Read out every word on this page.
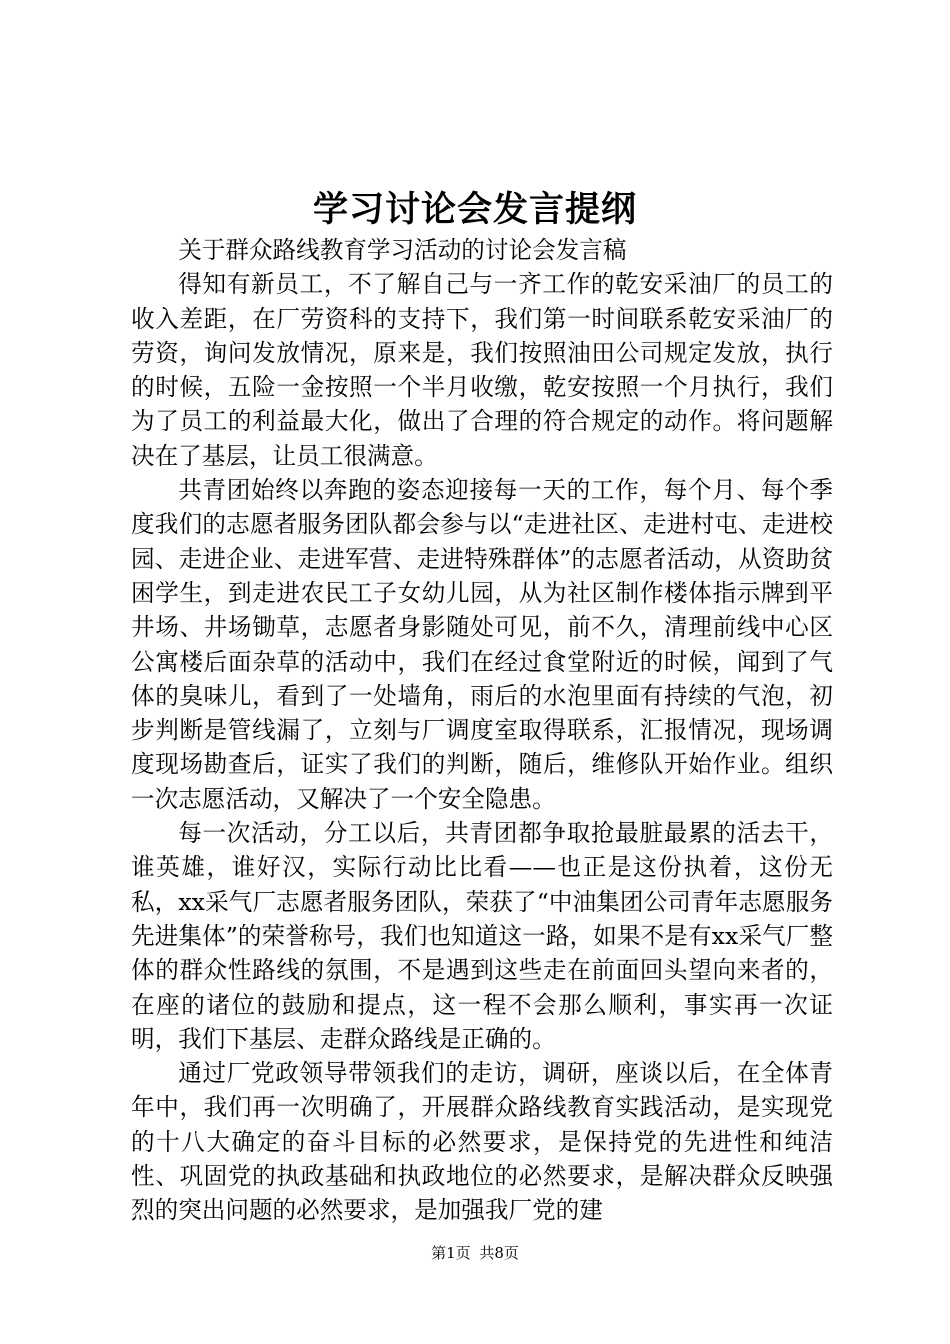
学习讨论会发言提纲

关于群众路线教育学习活动的讨论会发言稿

得知有新员工，不了解自己与一齐工作的乾安采油厂的员工的收入差距，在厂劳资科的支持下，我们第一时间联系乾安采油厂的劳资，询问发放情况，原来是，我们按照油田公司规定发放，执行的时候，五险一金按照一个半月收缴，乾安按照一个月执行，我们为了员工的利益最大化，做出了合理的符合规定的动作。将问题解决在了基层，让员工很满意。

共青团始终以奔跑的姿态迎接每一天的工作，每个月、每个季度我们的志愿者服务团队都会参与以“走进社区、走进村屯、走进校园、走进企业、走进军营、走进特殊群体”的志愿者活动，从资助贫困学生，到走进农民工子女幼儿园，从为社区制作楼体指示牌到平井场、井场锄草，志愿者身影随处可见，前不久，清理前线中心区公寓楼后面杂草的活动中，我们在经过食堂附近的时候，闻到了气体的臭味儿，看到了一处墙角，雨后的水泡里面有持续的气泡，初步判断是管线漏了，立刻与厂调度室取得联系，汇报情况，现场调度现场勘查后，证实了我们的判断，随后，维修队开始作业。组织一次志愿活动，又解决了一个安全隐患。

每一次活动，分工以后，共青团都争取抢最脏最累的活去干，谁英雄，谁好汉，实际行动比比看——也正是这份执着，这份无私，xx采气厂志愿者服务团队，荣获了“中油集团公司青年志愿服务先进集体”的荣誉称号，我们也知道这一路，如果不是有xx采气厂整体的群众性路线的氛围，不是遇到这些走在前面回头望向来者的，在座的诸位的鼓励和提点，这一程不会那么顺利，事实再一次证明，我们下基层、走群众路线是正确的。

通过厂党政领导带领我们的走访，调研，座谈以后，在全体青年中，我们再一次明确了，开展群众路线教育实践活动，是实现党的十八大确定的奋斗目标的必然要求，是保持党的先进性和纯洁性、巩固党的执政基础和执政地位的必然要求，是解决群众反映强烈的突出问题的必然要求，是加强我厂党的建

第1页 共8页
